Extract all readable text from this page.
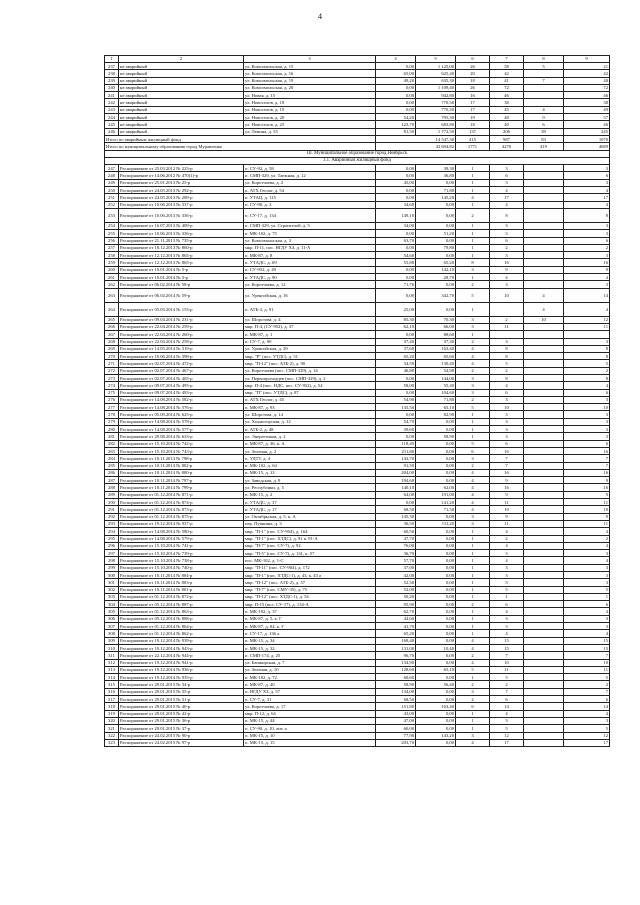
4
1	2	3	4	5	6	7	8	9
237	не аварийный	ул. Комсомольская, д. 15	0,00	1 125,00	26	58	5	21
238	не аварийный	ул. Комсомольская, д. 16	65,00	625,40	20	42		42
239	не аварийный	ул. Комсомольская, д. 19	49,20	635,30	18	41	7	48
240	не аварийный	ул. Комсомольская, д. 20	0,00	1 109,40	26	72		72
241	не аварийный	ул. Новая, д. 15	0,00	942,80	16	46		46
242	не аварийный	ул. Новоселов, д. 18	0,00	770,30	17	38		38
243	не аварийный	ул. Новоселов, д. 19	0,00	770,30	17	45	4	49
244	не аварийный	ул. Новоселов, д. 20	54,20	795,30	19	48	9	57
245	не аварийный	ул. Новоселов, д. 25	123,70	683,80	18	40	6	46
246	не аварийный	ул. Ленина, д. 55	81,50	1 772,50	137	206	39	245
Итого по аварийным жилищный фонд			14 547,30		415	987	83	1070
Итого по муниципальному образованию город Муравленко			43 694,82		1771	4270	419	4689
III. Муниципальное образование город Ноябрьск								
3.1. Аварийный жилищный фонд								
247	Распоряжение от 25.03.2012 № 223-р	п. СУ-92, д. 58	0,00	39,30	1	3		3
248	Распоряжение от 14.06.2012 № 470(1)-р	п. СМП-329, ул. Таежная, д. 12	0,00	36,80	1	6		6
249	Распоряжение от 25.01.2013 № 25-р	ул. Коротчаева, д. 2	45,00	0,00	1	3		3
250	Распоряжение от 24.05.2013 № 292-р	п. АТХ Геолог, д. 54	0,00	71,80	1	4		4
251	Распоряжение от 24.05.2013 № 289-р	п. УТАЦ, д. 115	0,00	145,20	4	17		17
252	Распоряжение от 10.06.2013 № 337-р	п. СУ-90, д. 3	34,60	0,00	1	4		4
253	Распоряжение от 10.06.2013 № 336-р	п. СУ-17, д. 134	149,10	0,00	2	8		8
254	Распоряжение от 16.07.2013 № 409-р	п. СМП-329, ул. Строителей, д. 5	34,00	0,00	1	3		3
255	Распоряжение от 10.06.2013 № 336-р	п. МК-102, д. 75	0,00	51,20	1	3		3
256	Распоряжение от 21.11.2013 № 735-р	ул. Комсомольская, д. 3	63,70	0,00	1	6		6
257	Распоряжение от 18.12.2013 № 860-р	мкр. П-11, пос. НГДУ ХЗ, д. 11-А	0,00	79,80	1	2		2
258	Распоряжение от 12.12.2013 № 865-р	п. МК-87, д. 8	54,60	0,00	1	3		3
259	Распоряжение от 12.12.2013 № 865-р	п. УТАДС, д. 69	55,88	65,20	8	16		16
260	Распоряжение от 10.01.2014 № 5-р	п. СУ-952, д. 49	0,00	142,10	3	9		9
261	Распоряжение от 10.01.2014 № 3-р	п. УТАДС, д. 90	0,00	28,70	1	4		4
262	Распоряжение от 06.02.2014 № 58-р	ул. Коротчаева, д. 12	71,76	0,00	2	3		3
263	Распоряжение от 06.02.2014 № 59-р	ул. Уренгойская, д. 16	0,00	342,70	5	10	4	14
264	Распоряжение от 05.03.2014 № 153-р	п. АТБ-3, д. 91	25,00	0,00	1		4	4
265	Распоряжение от 09.04.2014 № 231-р	ул. Шорстова, д. 4	85,30	70,30	3	2	10	12
266	Распоряжение от 22.04.2014 № 259-р	мкр. П-4, (СУ-952), д. 37	62,10	66,00	3	11		11
267	Распоряжение от 22.04.2014 № 260-р	п. МК-87, д. 1	0,00	88,60	1			
268	Распоряжение от 22.04.2014 № 258-р	п. СУ-7, д. 90	37,40	37,30	2	3		3
269	Распоряжение от 14.05.2014 № 319-р	ул. Уренгойская, д. 29	37,60	163,40	4	8		8
270	Распоряжение от 19.06.2014 № 398-р	мкр. "Р" (пос. УТДС), д. 51	65,20	65,60	4	8		8
271	Распоряжение от 02.07.2014 № 472-р	мкр. "П-12" (пос. АТБ-2), д. 90	34,59	130,40	4	5		5
272	Распоряжение от 02.07.2014 № 467-р	ул. Коротчаева (пос. СМП-329), д. 14	46,80	54,90	2	2		2
273	Распоряжение от 02.07.2014 № 465-р	ул. Первопроходцев (пос. СМП-329), д. 2	0,00	144,00	3	8		8
274	Распоряжение от 09.07.2014 № 495-р	мкр. П-4 (пос. НДС, пос. СУ-952), д. 54	58,00	55,40	3	4		4
275	Распоряжение от 09.07.2014 № 493-р	мкр. "П" (пос. УТДС), д. 87	0,00	104,60	3	6		6
276	Распоряжение от 14.08.2014 № 582-р	п. АТХ Геолог, д. 45	54,90	71,80	2	3		3
277	Распоряжение от 14.08.2014 № 576-р	п. МК-87, д. 93	135,50	65,10	5	10		10
278	Распоряжение от 05.09.2014 № 625-р	ул. Шорстова, д. 14	0,00	82,90	1	3		3
279	Распоряжение от 14.08.2014 № 578-р	ул. Холмогорская, д. 12	54,70	0,00	1	3		3
280	Распоряжение от 14.08.2014 № 577-р	п. АТБ-2, д. 48	39,60	0,00	1	3		3
281	Распоряжение от 29.08.2014 № 633-р	ул. Энергетиков, д. 2	0,00	58,90	1	3		3
282	Распоряжение от 15.10.2014 № 742-р	п. МК-87, д. 36, к. А	118,40	0,00	5	6		6
283	Распоряжение от 15.10.2014 № 743-р	ул. Зеленая, д. 2	211,80	0,00	6	16		16
284	Распоряжение от 10.11.2014 № 798-р	п. УДТТ, д. 4	143,70	0,00	3	7		7
285	Распоряжение от 10.11.2014 № 802-р	п. МК-102, д. 64	91,50	0,00	2	7		7
286	Распоряжение от 10.11.2014 № 800-р	п. МК-15, д. 13	204,00	0,00	4	16		16
287	Распоряжение от 10.11.2014 № 797-р	ул. Заводская, д. 9	194,60	0,00	4	9		9
288	Распоряжение от 10.11.2014 № 799-р	ул. Республики, д. 5	140,10	62,00	4	16		16
289	Распоряжение от 01.12.2014 № 871-р	п. МК-15, д. 2	64,00	191,00	4	9		9
290	Распоряжение от 01.12.2014 № 874-р	п. УТАДС, д. 37	0,00	141,20	4	11		11
291	Распоряжение от 01.12.2014 № 873-р	п. УТАДС, д. 17	68,50	71,50	4	10		10
292	Распоряжение от 01.12.2014 № 875-р	ул. Октябрьская, д. 5, к. А	145,30	0,00	3	9		9
293	Распоряжение от 19.12.2014 № 937-р	пер. Пушкина, д. 3	36,50	111,20	3	11		11
294	Распоряжение от 14.08.2014 № 580-р	мкр. "П-1" (пос. СУ-904), д. 164	60,50	0,00	1	4		4
295	Распоряжение от 14.08.2014 № 579-р	мкр. "П-1" (пос. ХТДС), д. 91 к. 91-А	47,70	0,00	1	2		2
296	Распоряжение от 15.10.2014 № 741-р	мкр. "П-7" (пос. СУ-7), д. 92	76,00	0,00	1	4		4
297	Распоряжение от 15.10.2014 № 739-р	мкр. "П-5" (пос. СУ-7), д. 131, к. 57	36,70	0,00	1	3		3
298	Распоряжение от 15.10.2014 № 738-р	пос. МК-102, д. 1-С	57,70	0,00	1	4		4
299	Распоряжение от 15.10.2014 № 740-р	мкр. "П-11" (пос. СУ-904), д. 172	37,00	0,00	1	3		3
300	Распоряжение от 10.11.2014 № 804-р	мкр. "П-1" (пос. ХТДС-1), д. 43, к. 43 а	42,00	0,00	1	3		3
301	Распоряжение от 10.11.2014 № 803-р	мкр. "П-12" (пос. АТБ-2), д. 57	52,30	0,00	1	3		3
302	Распоряжение от 10.11.2014 № 801-р	мкр. "П-7" (пос. СМУ-35), д. 75	52,00	0,00	1	5		5
303	Распоряжение от 01.12.2014 № 872-р	мкр. "П-12" (пос. ХТДС-1), д. 54	50,20	0,00	1	1		1
304	Распоряжение от 05.12.2014 № 887-р	мкр. П-15 (пос. СУ-17), д. 134-А	95,90	0,00	2	6		6
305	Распоряжение от 01.12.2014 № 863-р	п. МК-102, д. 37	62,70	0,00	1	4		4
306	Распоряжение от 05.12.2014 № 888-р	п. МК-87, д. 5, к. Г	44,60	0,00	1	3		3
307	Распоряжение от 01.12.2014 № 864-р	п. МК-87, д. 84, к. Г	41,70	0,00	1	3		3
308	Распоряжение от 01.12.2014 № 862-р	п. СУ-17, д. 136 а	65,20	0,00	1	4		4
309	Распоряжение от 19.12.2014 № 939-р	п. МК-15, д. 34	168,40	0,00	4	15		15
310	Распоряжение от 19.12.2014 № 943-р	п. МК-15, д. 32	131,00	10,40	4	15		15
311	Распоряжение от 22.12.2014 № 944-р	п. СМП-174, д. 25	96,70	0,00	2	7		7
312	Распоряжение от 19.12.2014 № 941-р	ул. Башкирская, д. 7	134,90	0,00	4	10		10
313	Распоряжение от 19.12.2014 № 936-р	ул. Зеленая, д. 10	128,60	65,10	5	11		11
314	Распоряжение от 19.12.2014 № 935-р	п. МК-102, д. 72	60,60	0,00	1	5		5
315	Распоряжение от 29.01.2015 № 34-р	п. МК-87, д. 40	58,90	56,40	2	2		2
316	Распоряжение от 29.01.2015 № 35-р	п. НГДУ ХЗ, д. 57	134,00	0,00	3	7		7
317	Распоряжение от 29.01.2015 № 31-р	п. СУ-7, д. 31	68,50	0,00	2	6		6
318	Распоряжение от 29.01.2015 № 40-р	ул. Коротчаева, д. 17	151,80	163,40	6	14		14
319	Распоряжение от 29.01.2015 № 42-р	мкр. П-12, д. 64	43,00	0,00	1	4		4
320	Распоряжение от 29.01.2015 № 36-р	п. МК-15, д. 44	47,00	0,00	1	3		3
321	Распоряжение от 29.01.2015 № 37-р	п. СУ-90, д. 10, лит. а	60,00	0,00	1	5		5
322	Распоряжение от 24.02.2015 № 90-р	п. МК-15, д. 10	77,90	143,20	3	12		12
323	Распоряжение от 24.02.2015 № 97-р	п. МК-15, д. 15	203,70	0,00	4	17		17
